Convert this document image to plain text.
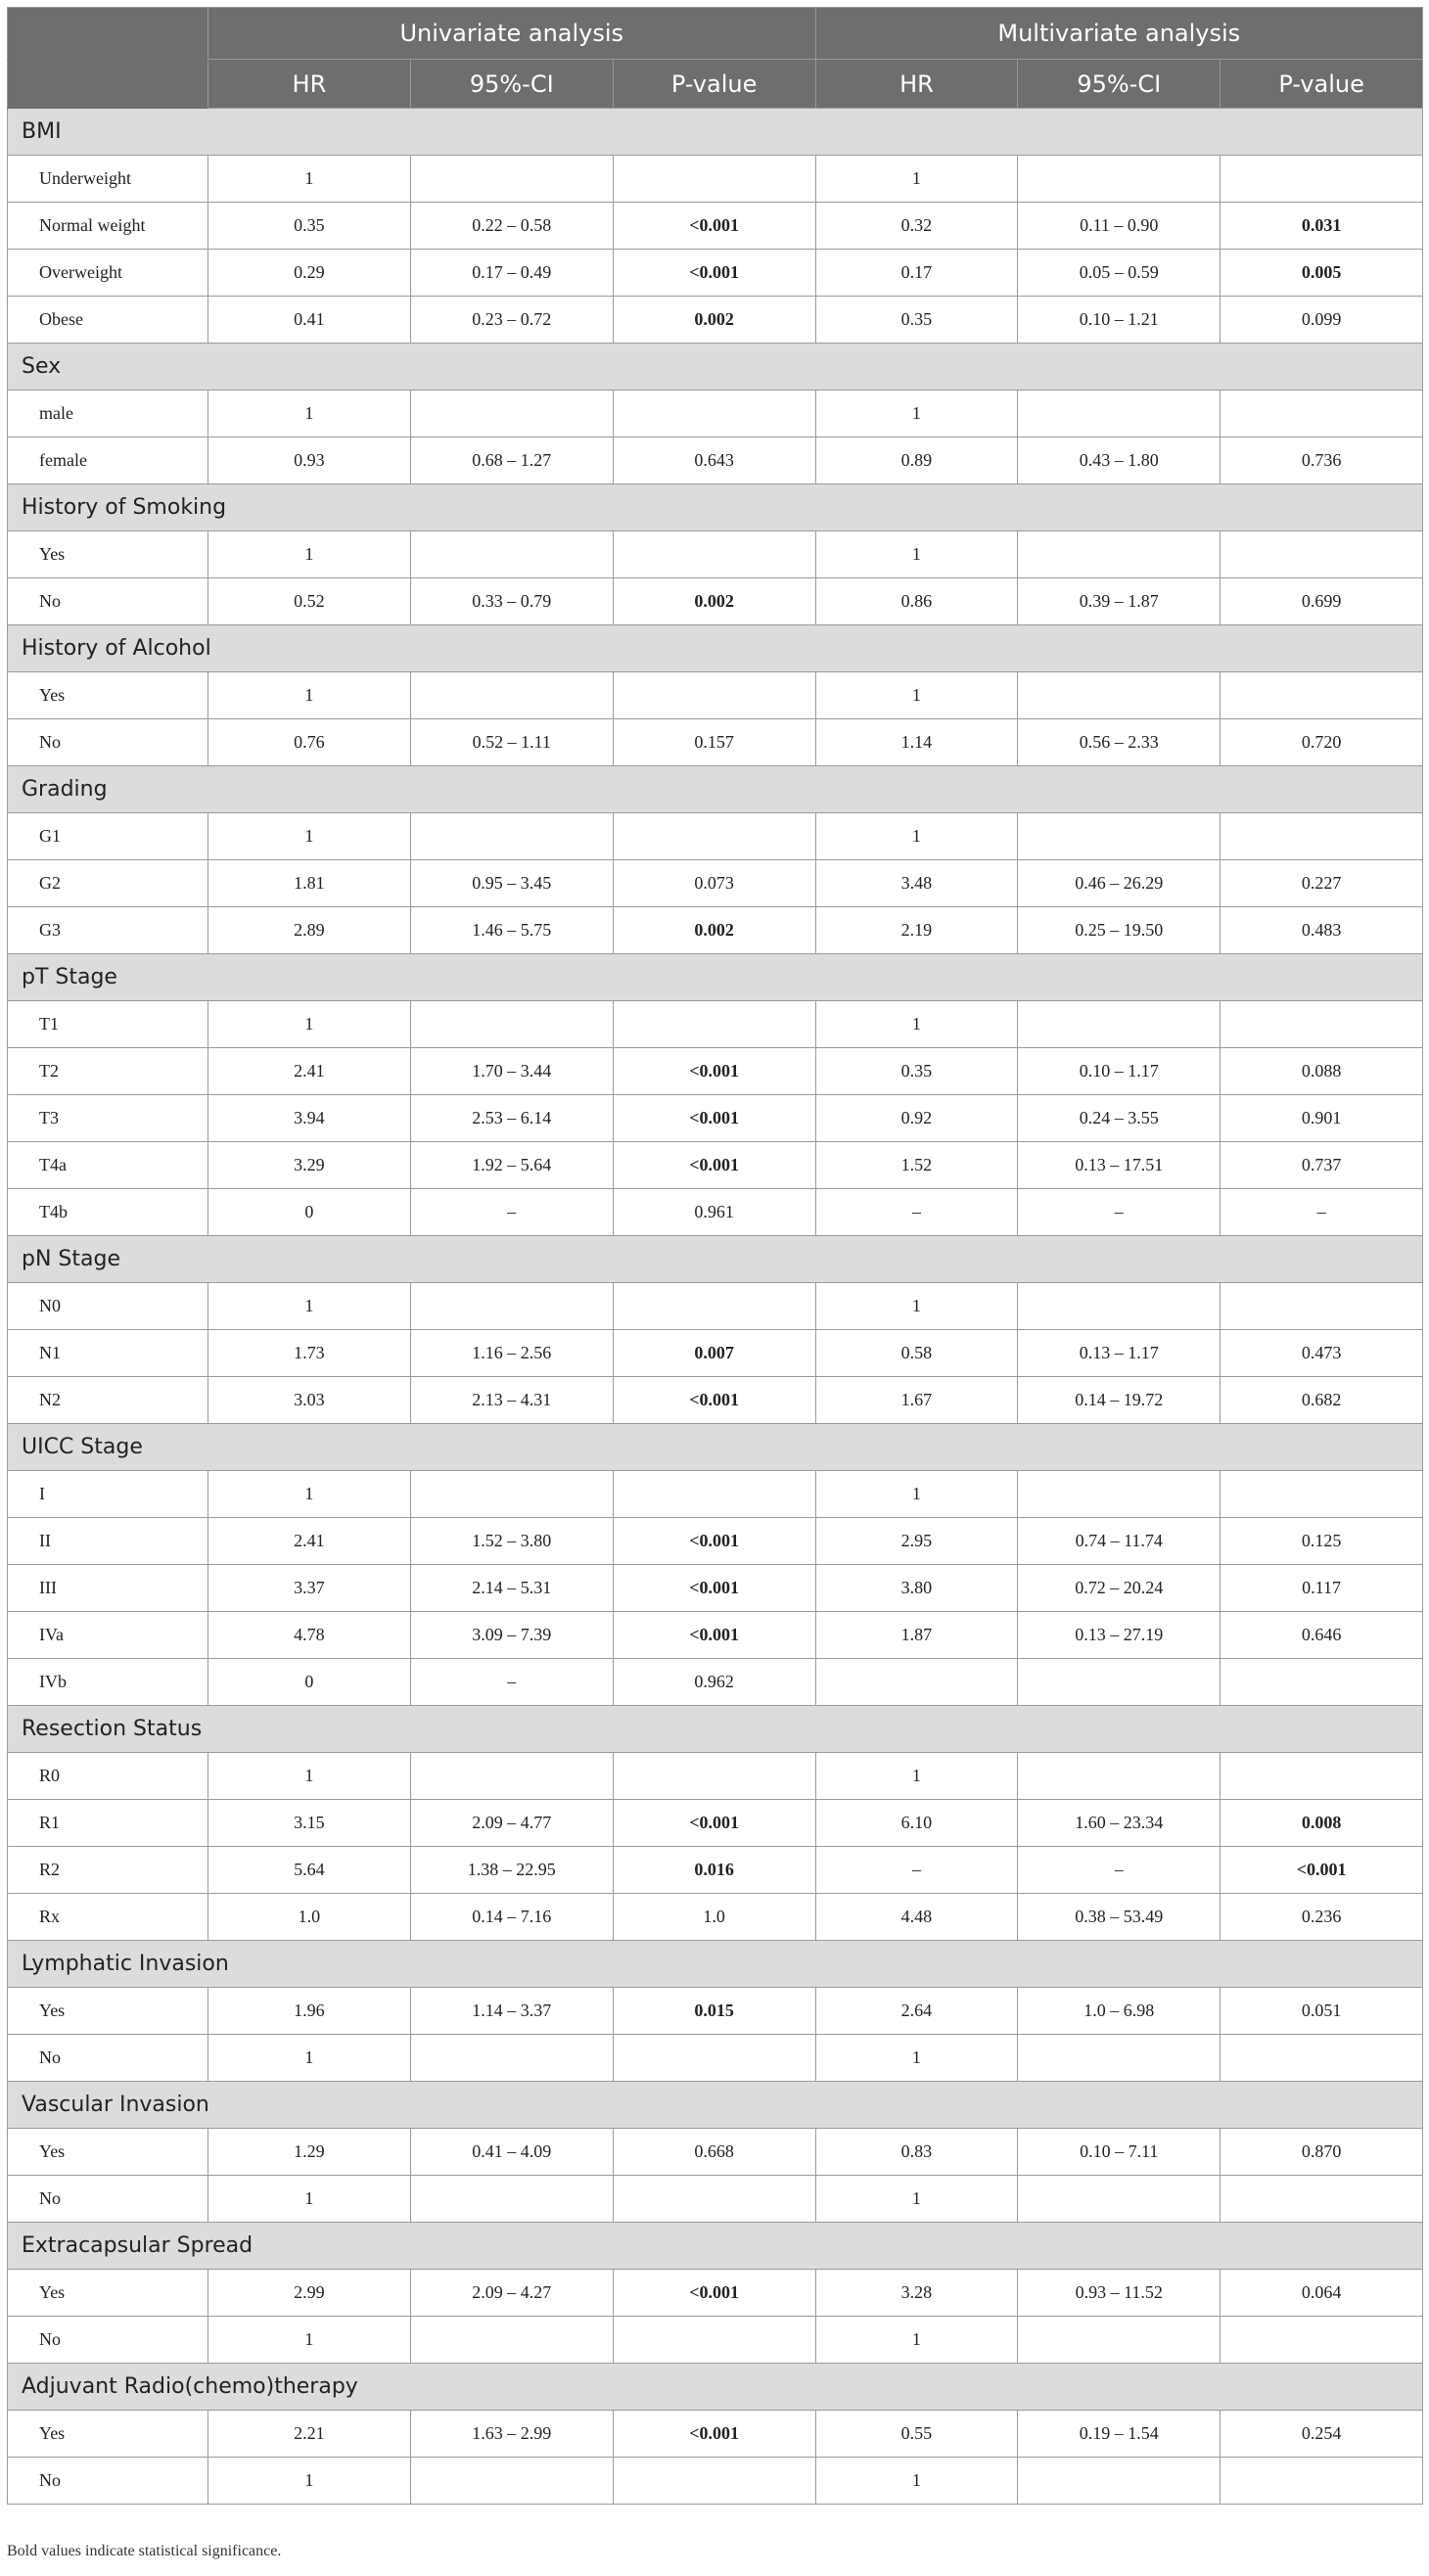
	Univariate analysis			Multivariate analysis		
	HR	95%-CI	P-value	HR	95%-CI	P-value
BMI						
Underweight	1			1		
Normal weight	0.35	0.22 – 0.58	<0.001	0.32	0.11 – 0.90	0.031
Overweight	0.29	0.17 – 0.49	<0.001	0.17	0.05 – 0.59	0.005
Obese	0.41	0.23 – 0.72	0.002	0.35	0.10 – 1.21	0.099
Sex						
male	1			1		
female	0.93	0.68 – 1.27	0.643	0.89	0.43 – 1.80	0.736
History of Smoking						
Yes	1			1		
No	0.52	0.33 – 0.79	0.002	0.86	0.39 – 1.87	0.699
History of Alcohol						
Yes	1			1		
No	0.76	0.52 – 1.11	0.157	1.14	0.56 – 2.33	0.720
Grading						
G1	1			1		
G2	1.81	0.95 – 3.45	0.073	3.48	0.46 – 26.29	0.227
G3	2.89	1.46 – 5.75	0.002	2.19	0.25 – 19.50	0.483
pT Stage						
T1	1			1		
T2	2.41	1.70 – 3.44	<0.001	0.35	0.10 – 1.17	0.088
T3	3.94	2.53 – 6.14	<0.001	0.92	0.24 – 3.55	0.901
T4a	3.29	1.92 – 5.64	<0.001	1.52	0.13 – 17.51	0.737
T4b	0	–	0.961	–	–	–
pN Stage						
N0	1			1		
N1	1.73	1.16 – 2.56	0.007	0.58	0.13 – 1.17	0.473
N2	3.03	2.13 – 4.31	<0.001	1.67	0.14 – 19.72	0.682
UICC Stage						
I	1			1		
II	2.41	1.52 – 3.80	<0.001	2.95	0.74 – 11.74	0.125
III	3.37	2.14 – 5.31	<0.001	3.80	0.72 – 20.24	0.117
IVa	4.78	3.09 – 7.39	<0.001	1.87	0.13 – 27.19	0.646
IVb	0	–	0.962			
Resection Status						
R0	1			1		
R1	3.15	2.09 – 4.77	<0.001	6.10	1.60 – 23.34	0.008
R2	5.64	1.38 – 22.95	0.016	–	–	<0.001
Rx	1.0	0.14 – 7.16	1.0	4.48	0.38 – 53.49	0.236
Lymphatic Invasion						
Yes	1.96	1.14 – 3.37	0.015	2.64	1.0 – 6.98	0.051
No	1			1		
Vascular Invasion						
Yes	1.29	0.41 – 4.09	0.668	0.83	0.10 – 7.11	0.870
No	1			1		
Extracapsular Spread						
Yes	2.99	2.09 – 4.27	<0.001	3.28	0.93 – 11.52	0.064
No	1			1		
Adjuvant Radio(chemo)therapy						
Yes	2.21	1.63 – 2.99	<0.001	0.55	0.19 – 1.54	0.254
No	1			1		
Bold values indicate statistical significance.
